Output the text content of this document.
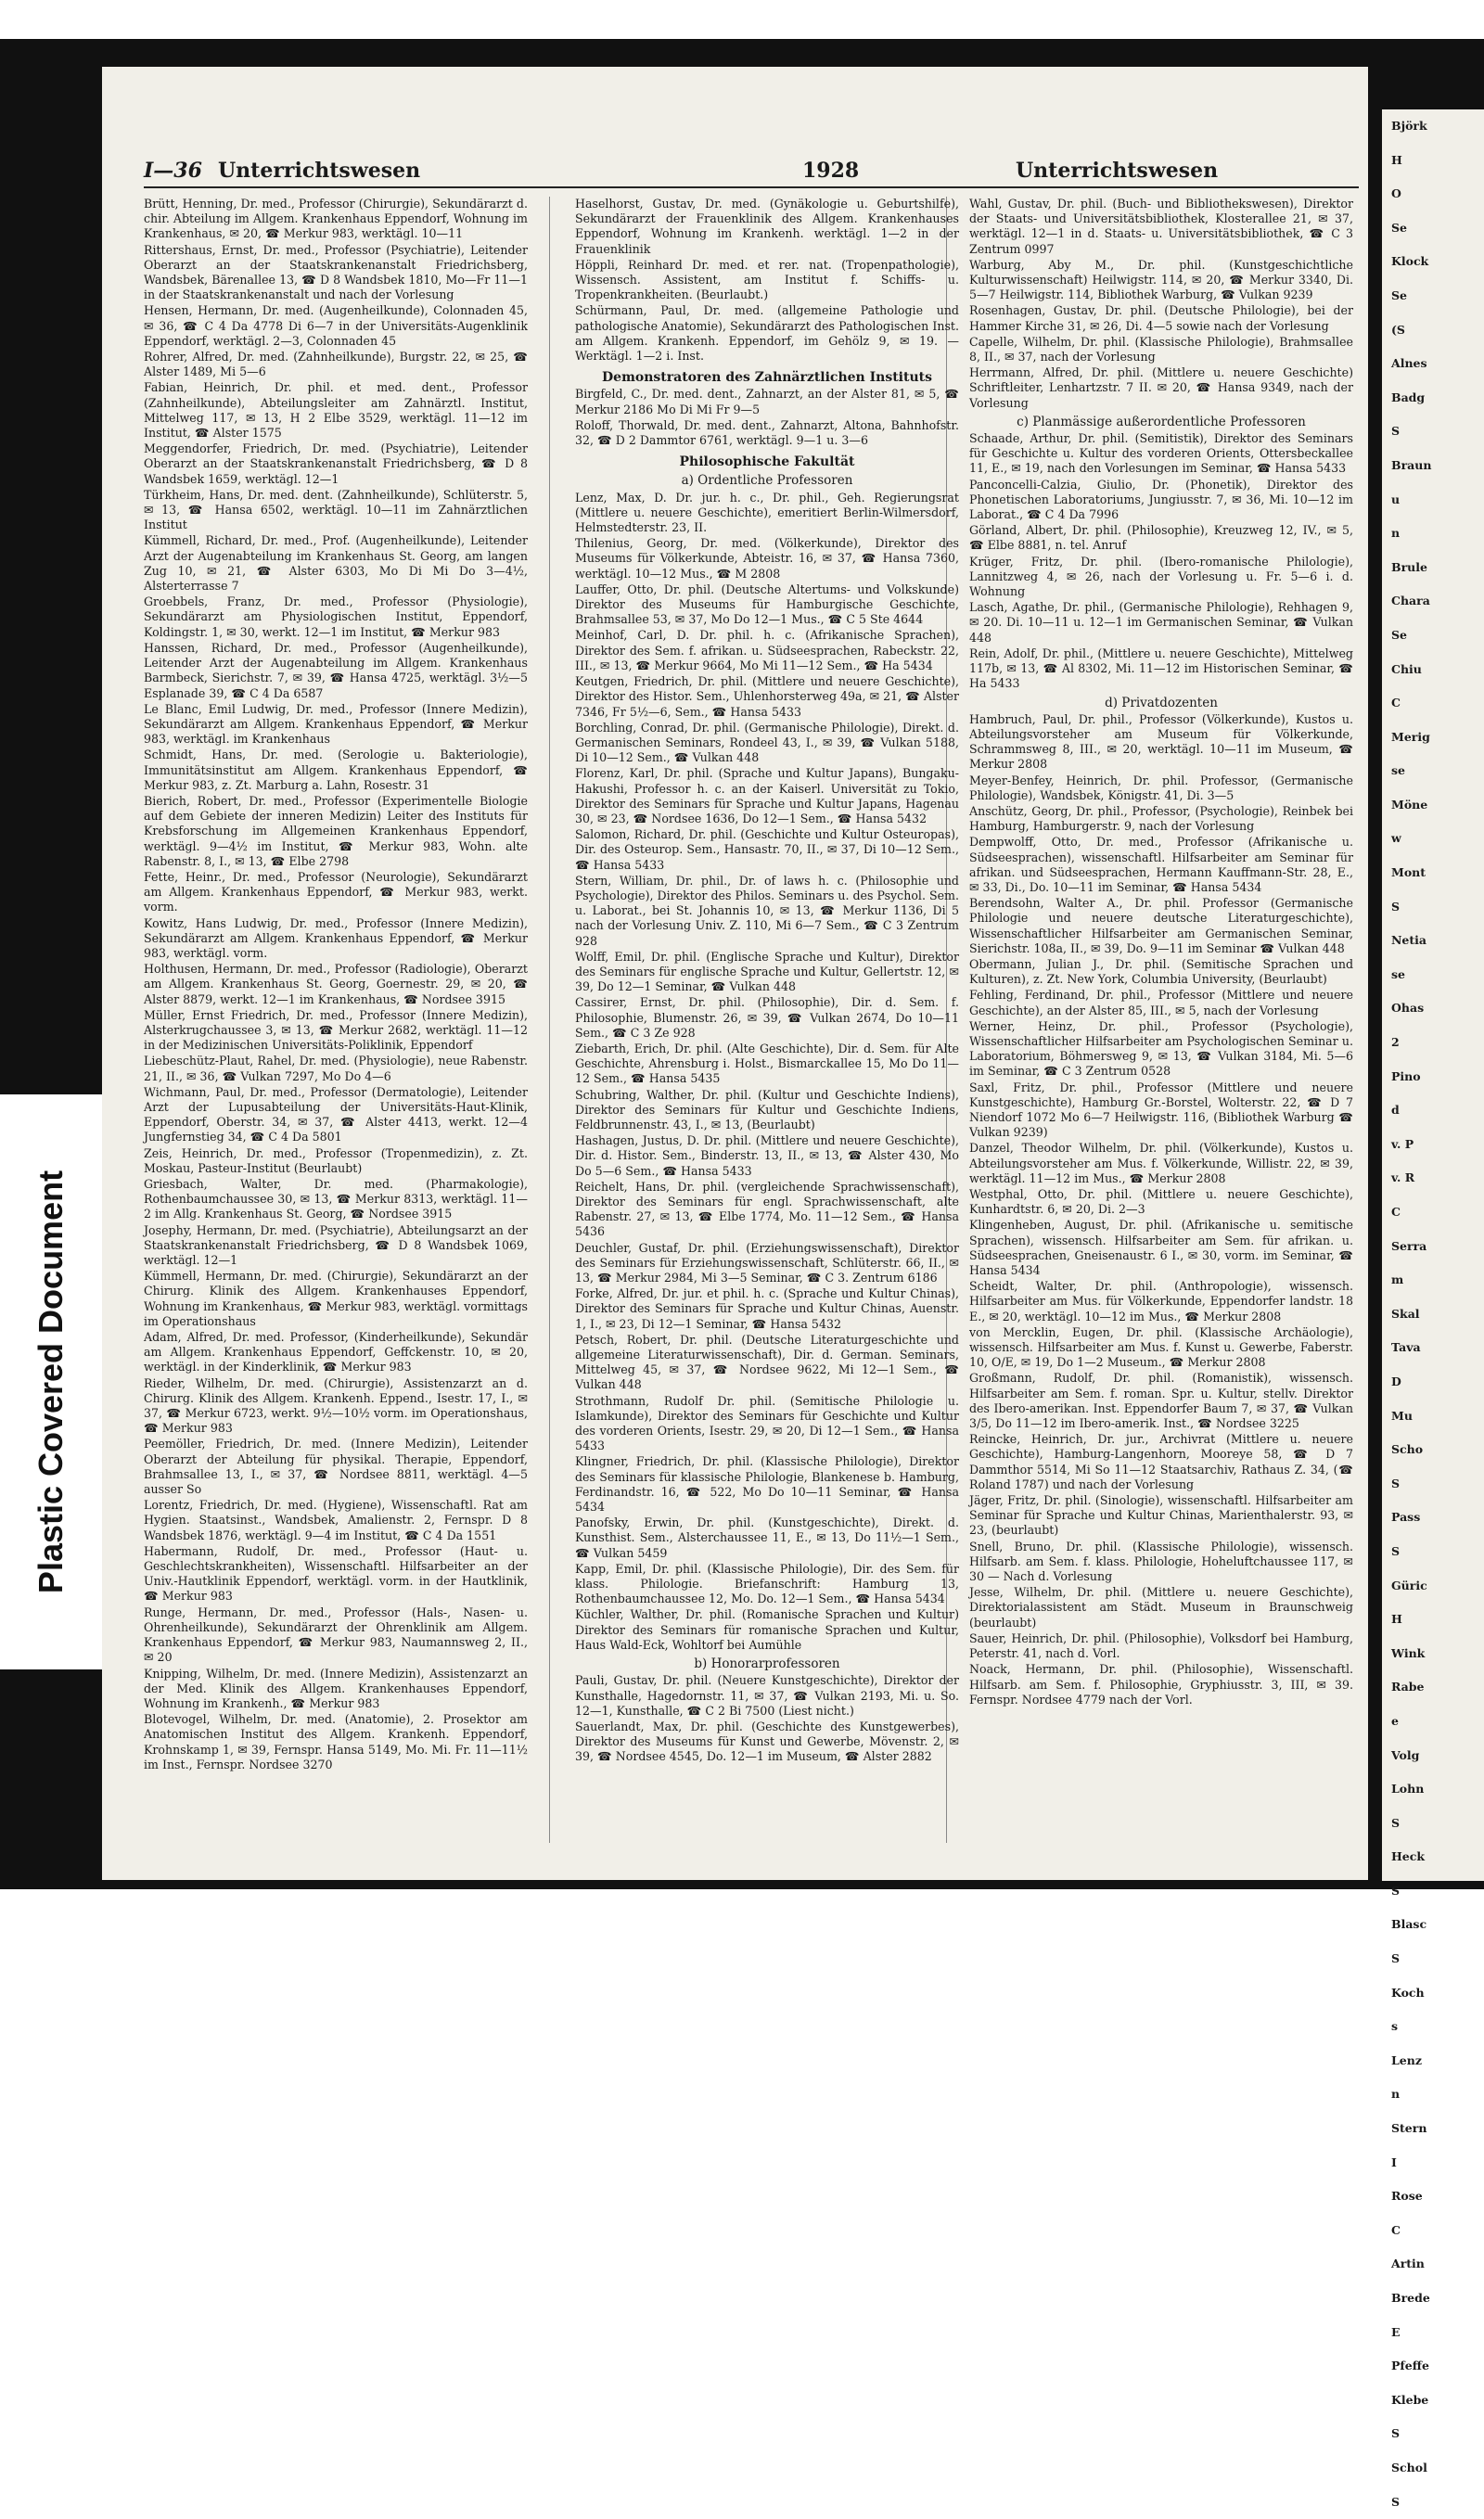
Plastic Covered Document
I—36 Unterrichtswesen	1928	Unterrichtswesen
Brütt, Henning, Dr. med., Professor (Chirurgie), Sekundärarzt d. chir. Abteilung im Allgem. Krankenhaus Eppendorf, Wohnung im Krankenhaus, ✉ 20, ☎ Merkur 983, werktägl. 10—11
Rittershaus, Ernst, Dr. med., Professor (Psychiatrie), Leitender Oberarzt an der Staatskrankenanstalt Friedrichsberg, Wandsbek, Bärenallee 13, ☎ D 8 Wandsbek 1810, Mo—Fr 11—1 in der Staatskrankenanstalt und nach der Vorlesung
Hensen, Hermann, Dr. med. (Augenheilkunde), Colonnaden 45, ✉ 36, ☎ C 4 Da 4778 Di 6—7 in der Universitäts-Augenklinik Eppendorf, werktägl. 2—3, Colonnaden 45
Rohrer, Alfred, Dr. med. (Zahnheilkunde), Burgstr. 22, ✉ 25, ☎ Alster 1489, Mi 5—6
Fabian, Heinrich, Dr. phil. et med. dent., Professor (Zahnheilkunde), Abteilungsleiter am Zahnärztl. Institut, Mittelweg 117, ✉ 13, H 2 Elbe 3529, werktägl. 11—12 im Institut, ☎ Alster 1575
Meggendorfer, Friedrich, Dr. med. (Psychiatrie), Leitender Oberarzt an der Staatskrankenanstalt Friedrichsberg, ☎ D 8 Wandsbek 1659, werktägl. 12—1
Türkheim, Hans, Dr. med. dent. (Zahnheilkunde), Schlüterstr. 5, ✉ 13, ☎ Hansa 6502, werktägl. 10—11 im Zahnärztlichen Institut
Kümmell, Richard, Dr. med., Prof. (Augenheilkunde), Leitender Arzt der Augenabteilung im Krankenhaus St. Georg, am langen Zug 10, ✉ 21, ☎ Alster 6303, Mo Di Mi Do 3—4½, Alsterterrasse 7
Groebbels, Franz, Dr. med., Professor (Physiologie), Sekundärarzt am Physiologischen Institut, Eppendorf, Koldingstr. 1, ✉ 30, werkt. 12—1 im Institut, ☎ Merkur 983
Hanssen, Richard, Dr. med., Professor (Augenheilkunde), Leitender Arzt der Augenabteilung im Allgem. Krankenhaus Barmbeck, Sierichstr. 7, ✉ 39, ☎ Hansa 4725, werktägl. 3½—5 Esplanade 39, ☎ C 4 Da 6587
Le Blanc, Emil Ludwig, Dr. med., Professor (Innere Medizin), Sekundärarzt am Allgem. Krankenhaus Eppendorf, ☎ Merkur 983, werktägl. im Krankenhaus
Schmidt, Hans, Dr. med. (Serologie u. Bakteriologie), Immunitätsinstitut am Allgem. Krankenhaus Eppendorf, ☎ Merkur 983, z. Zt. Marburg a. Lahn, Rosestr. 31
Bierich, Robert, Dr. med., Professor (Experimentelle Biologie auf dem Gebiete der inneren Medizin) Leiter des Instituts für Krebsforschung im Allgemeinen Krankenhaus Eppendorf, werktägl. 9—4½ im Institut, ☎ Merkur 983, Wohn. alte Rabenstr. 8, I., ✉ 13, ☎ Elbe 2798
Fette, Heinr., Dr. med., Professor (Neurologie), Sekundärarzt am Allgem. Krankenhaus Eppendorf, ☎ Merkur 983, werkt. vorm.
Kowitz, Hans Ludwig, Dr. med., Professor (Innere Medizin), Sekundärarzt am Allgem. Krankenhaus Eppendorf, ☎ Merkur 983, werktägl. vorm.
Holthusen, Hermann, Dr. med., Professor (Radiologie), Oberarzt am Allgem. Krankenhaus St. Georg, Goernestr. 29, ✉ 20, ☎ Alster 8879, werkt. 12—1 im Krankenhaus, ☎ Nordsee 3915
Müller, Ernst Friedrich, Dr. med., Professor (Innere Medizin), Alsterkrugchaussee 3, ✉ 13, ☎ Merkur 2682, werktägl. 11—12 in der Medizinischen Universitäts-Poliklinik, Eppendorf
Liebeschütz-Plaut, Rahel, Dr. med. (Physiologie), neue Rabenstr. 21, II., ✉ 36, ☎ Vulkan 7297, Mo Do 4—6
Wichmann, Paul, Dr. med., Professor (Dermatologie), Leitender Arzt der Lupusabteilung der Universitäts-Haut-Klinik, Eppendorf, Oberstr. 34, ✉ 37, ☎ Alster 4413, werkt. 12—4 Jungfernstieg 34, ☎ C 4 Da 5801
Zeis, Heinrich, Dr. med., Professor (Tropenmedizin), z. Zt. Moskau, Pasteur-Institut (Beurlaubt)
Griesbach, Walter, Dr. med. (Pharmakologie), Rothenbaumchaussee 30, ✉ 13, ☎ Merkur 8313, werktägl. 11—2 im Allg. Krankenhaus St. Georg, ☎ Nordsee 3915
Josephy, Hermann, Dr. med. (Psychiatrie), Abteilungsarzt an der Staatskrankenanstalt Friedrichsberg, ☎ D 8 Wandsbek 1069, werktägl. 12—1
Kümmell, Hermann, Dr. med. (Chirurgie), Sekundärarzt an der Chirurg. Klinik des Allgem. Krankenhauses Eppendorf, Wohnung im Krankenhaus, ☎ Merkur 983, werktägl. vormittags im Operationshaus
Adam, Alfred, Dr. med. Professor, (Kinderheilkunde), Sekundär am Allgem. Krankenhaus Eppendorf, Geffckenstr. 10, ✉ 20, werktägl. in der Kinderklinik, ☎ Merkur 983
Rieder, Wilhelm, Dr. med. (Chirurgie), Assistenzarzt an d. Chirurg. Klinik des Allgem. Krankenh. Eppend., Isestr. 17, I., ✉ 37, ☎ Merkur 6723, werkt. 9½—10½ vorm. im Operationshaus, ☎ Merkur 983
Peemöller, Friedrich, Dr. med. (Innere Medizin), Leitender Oberarzt der Abteilung für physikal. Therapie, Eppendorf, Brahmsallee 13, I., ✉ 37, ☎ Nordsee 8811, werktägl. 4—5 ausser So
Lorentz, Friedrich, Dr. med. (Hygiene), Wissenschaftl. Rat am Hygien. Staatsinst., Wandsbek, Amalienstr. 2, Fernspr. D 8 Wandsbek 1876, werktägl. 9—4 im Institut, ☎ C 4 Da 1551
Habermann, Rudolf, Dr. med., Professor (Haut- u. Geschlechtskrankheiten), Wissenschaftl. Hilfsarbeiter an der Univ.-Hautklinik Eppendorf, werktägl. vorm. in der Hautklinik, ☎ Merkur 983
Runge, Hermann, Dr. med., Professor (Hals-, Nasen- u. Ohrenheilkunde), Sekundärarzt der Ohrenklinik am Allgem. Krankenhaus Eppendorf, ☎ Merkur 983, Naumannsweg 2, II., ✉ 20
Knipping, Wilhelm, Dr. med. (Innere Medizin), Assistenzarzt an der Med. Klinik des Allgem. Krankenhauses Eppendorf, Wohnung im Krankenh., ☎ Merkur 983
Blotevogel, Wilhelm, Dr. med. (Anatomie), 2. Prosektor am Anatomischen Institut des Allgem. Krankenh. Eppendorf, Krohnskamp 1, ✉ 39, Fernspr. Hansa 5149, Mo. Mi. Fr. 11—11½ im Inst., Fernspr. Nordsee 3270
Haselhorst, Gustav, Dr. med. (Gynäkologie u. Geburtshilfe), Sekundärarzt der Frauenklinik des Allgem. Krankenhauses Eppendorf, Wohnung im Krankenh. werktägl. 1—2 in der Frauenklinik
Höppli, Reinhard Dr. med. et rer. nat. (Tropenpathologie), Wissensch. Assistent, am Institut f. Schiffs- u. Tropenkrankheiten. (Beurlaubt.)
Schürmann, Paul, Dr. med. (allgemeine Pathologie und pathologische Anatomie), Sekundärarzt des Pathologischen Inst. am Allgem. Krankenh. Eppendorf, im Gehölz 9, ✉ 19. — Werktägl. 1—2 i. Inst.
Demonstratoren des Zahnärztlichen Instituts
Birgfeld, C., Dr. med. dent., Zahnarzt, an der Alster 81, ✉ 5, ☎ Merkur 2186 Mo Di Mi Fr 9—5
Roloff, Thorwald, Dr. med. dent., Zahnarzt, Altona, Bahnhofstr. 32, ☎ D 2 Dammtor 6761, werktägl. 9—1 u. 3—6
Philosophische Fakultät
a) Ordentliche Professoren
Lenz, Max, D. Dr. jur. h. c., Dr. phil., Geh. Regierungsrat (Mittlere u. neuere Geschichte), emeritiert Berlin-Wilmersdorf, Helmstedterstr. 23, II.
Thilenius, Georg, Dr. med. (Völkerkunde), Direktor des Museums für Völkerkunde, Abteistr. 16, ✉ 37, ☎ Hansa 7360, werktägl. 10—12 Mus., ☎ M 2808
Lauffer, Otto, Dr. phil. (Deutsche Altertums- und Volkskunde) Direktor des Museums für Hamburgische Geschichte, Brahmsallee 53, ✉ 37, Mo Do 12—1 Mus., ☎ C 5 Ste 4644
Meinhof, Carl, D. Dr. phil. h. c. (Afrikanische Sprachen), Direktor des Sem. f. afrikan. u. Südseesprachen, Rabeckstr. 22, III., ✉ 13, ☎ Merkur 9664, Mo Mi 11—12 Sem., ☎ Ha 5434
Keutgen, Friedrich, Dr. phil. (Mittlere und neuere Geschichte), Direktor des Histor. Sem., Uhlenhorsterweg 49a, ✉ 21, ☎ Alster 7346, Fr 5½—6, Sem., ☎ Hansa 5433
Borchling, Conrad, Dr. phil. (Germanische Philologie), Direkt. d. Germanischen Seminars, Rondeel 43, I., ✉ 39, ☎ Vulkan 5188, Di 10—12 Sem., ☎ Vulkan 448
Florenz, Karl, Dr. phil. (Sprache und Kultur Japans), Bungaku-Hakushi, Professor h. c. an der Kaiserl. Universität zu Tokio, Direktor des Seminars für Sprache und Kultur Japans, Hagenau 30, ✉ 23, ☎ Nordsee 1636, Do 12—1 Sem., ☎ Hansa 5432
Salomon, Richard, Dr. phil. (Geschichte und Kultur Osteuropas), Dir. des Osteurop. Sem., Hansastr. 70, II., ✉ 37, Di 10—12 Sem., ☎ Hansa 5433
Stern, William, Dr. phil., Dr. of laws h. c. (Philosophie und Psychologie), Direktor des Philos. Seminars u. des Psychol. Sem. u. Laborat., bei St. Johannis 10, ✉ 13, ☎ Merkur 1136, Di 5 nach der Vorlesung Univ. Z. 110, Mi 6—7 Sem., ☎ C 3 Zentrum 928
Wolff, Emil, Dr. phil. (Englische Sprache und Kultur), Direktor des Seminars für englische Sprache und Kultur, Gellertstr. 12, ✉ 39, Do 12—1 Seminar, ☎ Vulkan 448
Cassirer, Ernst, Dr. phil. (Philosophie), Dir. d. Sem. f. Philosophie, Blumenstr. 26, ✉ 39, ☎ Vulkan 2674, Do 10—11 Sem., ☎ C 3 Ze 928
Ziebarth, Erich, Dr. phil. (Alte Geschichte), Dir. d. Sem. für Alte Geschichte, Ahrensburg i. Holst., Bismarckallee 15, Mo Do 11—12 Sem., ☎ Hansa 5435
Schubring, Walther, Dr. phil. (Kultur und Geschichte Indiens), Direktor des Seminars für Kultur und Geschichte Indiens, Feldbrunnenstr. 43, I., ✉ 13, (Beurlaubt)
Hashagen, Justus, D. Dr. phil. (Mittlere und neuere Geschichte), Dir. d. Histor. Sem., Binderstr. 13, II., ✉ 13, ☎ Alster 430, Mo Do 5—6 Sem., ☎ Hansa 5433
Reichelt, Hans, Dr. phil. (vergleichende Sprachwissenschaft), Direktor des Seminars für engl. Sprachwissenschaft, alte Rabenstr. 27, ✉ 13, ☎ Elbe 1774, Mo. 11—12 Sem., ☎ Hansa 5436
Deuchler, Gustaf, Dr. phil. (Erziehungswissenschaft), Direktor des Seminars für Erziehungswissenschaft, Schlüterstr. 66, II., ✉ 13, ☎ Merkur 2984, Mi 3—5 Seminar, ☎ C 3. Zentrum 6186
Forke, Alfred, Dr. jur. et phil. h. c. (Sprache und Kultur Chinas), Direktor des Seminars für Sprache und Kultur Chinas, Auenstr. 1, I., ✉ 23, Di 12—1 Seminar, ☎ Hansa 5432
Petsch, Robert, Dr. phil. (Deutsche Literaturgeschichte und allgemeine Literaturwissenschaft), Dir. d. German. Seminars, Mittelweg 45, ✉ 37, ☎ Nordsee 9622, Mi 12—1 Sem., ☎ Vulkan 448
Strothmann, Rudolf Dr. phil. (Semitische Philologie u. Islamkunde), Direktor des Seminars für Geschichte und Kultur des vorderen Orients, Isestr. 29, ✉ 20, Di 12—1 Sem., ☎ Hansa 5433
Klingner, Friedrich, Dr. phil. (Klassische Philologie), Direktor des Seminars für klassische Philologie, Blankenese b. Hamburg, Ferdinandstr. 16, ☎ 522, Mo Do 10—11 Seminar, ☎ Hansa 5434
Panofsky, Erwin, Dr. phil. (Kunstgeschichte), Direkt. d. Kunsthist. Sem., Alsterchaussee 11, E., ✉ 13, Do 11½—1 Sem., ☎ Vulkan 5459
Kapp, Emil, Dr. phil. (Klassische Philologie), Dir. des Sem. für klass. Philologie. Briefanschrift: Hamburg 13, Rothenbaumchaussee 12, Mo. Do. 12—1 Sem., ☎ Hansa 5434
Küchler, Walther, Dr. phil. (Romanische Sprachen und Kultur) Direktor des Seminars für romanische Sprachen und Kultur, Haus Wald-Eck, Wohltorf bei Aumühle
b) Honorarprofessoren
Pauli, Gustav, Dr. phil. (Neuere Kunstgeschichte), Direktor der Kunsthalle, Hagedornstr. 11, ✉ 37, ☎ Vulkan 2193, Mi. u. So. 12—1, Kunsthalle, ☎ C 2 Bi 7500 (Liest nicht.)
Sauerlandt, Max, Dr. phil. (Geschichte des Kunstgewerbes), Direktor des Museums für Kunst und Gewerbe, Mövenstr. 2, ✉ 39, ☎ Nordsee 4545, Do. 12—1 im Museum, ☎ Alster 2882
Wahl, Gustav, Dr. phil. (Buch- und Bibliothekswesen), Direktor der Staats- und Universitätsbibliothek, Klosterallee 21, ✉ 37, werktägl. 12—1 in d. Staats- u. Universitätsbibliothek, ☎ C 3 Zentrum 0997
Warburg, Aby M., Dr. phil. (Kunstgeschichtliche Kulturwissenschaft) Heilwigstr. 114, ✉ 20, ☎ Merkur 3340, Di. 5—7 Heilwigstr. 114, Bibliothek Warburg, ☎ Vulkan 9239
Rosenhagen, Gustav, Dr. phil. (Deutsche Philologie), bei der Hammer Kirche 31, ✉ 26, Di. 4—5 sowie nach der Vorlesung
Capelle, Wilhelm, Dr. phil. (Klassische Philologie), Brahmsallee 8, II., ✉ 37, nach der Vorlesung
Herrmann, Alfred, Dr. phil. (Mittlere u. neuere Geschichte) Schriftleiter, Lenhartzstr. 7 II. ✉ 20, ☎ Hansa 9349, nach der Vorlesung
c) Planmässige außerordentliche Professoren
Schaade, Arthur, Dr. phil. (Semitistik), Direktor des Seminars für Geschichte u. Kultur des vorderen Orients, Ottersbeckallee 11, E., ✉ 19, nach den Vorlesungen im Seminar, ☎ Hansa 5433
Panconcelli-Calzia, Giulio, Dr. (Phonetik), Direktor des Phonetischen Laboratoriums, Jungiusstr. 7, ✉ 36, Mi. 10—12 im Laborat., ☎ C 4 Da 7996
Görland, Albert, Dr. phil. (Philosophie), Kreuzweg 12, IV., ✉ 5, ☎ Elbe 8881, n. tel. Anruf
Krüger, Fritz, Dr. phil. (Ibero-romanische Philologie), Lannitzweg 4, ✉ 26, nach der Vorlesung u. Fr. 5—6 i. d. Wohnung
Lasch, Agathe, Dr. phil., (Germanische Philologie), Rehhagen 9, ✉ 20. Di. 10—11 u. 12—1 im Germanischen Seminar, ☎ Vulkan 448
Rein, Adolf, Dr. phil., (Mittlere u. neuere Geschichte), Mittelweg 117b, ✉ 13, ☎ Al 8302, Mi. 11—12 im Historischen Seminar, ☎ Ha 5433
d) Privatdozenten
Hambruch, Paul, Dr. phil., Professor (Völkerkunde), Kustos u. Abteilungsvorsteher am Museum für Völkerkunde, Schrammsweg 8, III., ✉ 20, werktägl. 10—11 im Museum, ☎ Merkur 2808
Meyer-Benfey, Heinrich, Dr. phil. Professor, (Germanische Philologie), Wandsbek, Königstr. 41, Di. 3—5
Anschütz, Georg, Dr. phil., Professor, (Psychologie), Reinbek bei Hamburg, Hamburgerstr. 9, nach der Vorlesung
Dempwolff, Otto, Dr. med., Professor (Afrikanische u. Südseesprachen), wissenschaftl. Hilfsarbeiter am Seminar für afrikan. und Südseesprachen, Hermann Kauffmann-Str. 28, E., ✉ 33, Di., Do. 10—11 im Seminar, ☎ Hansa 5434
Berendsohn, Walter A., Dr. phil. Professor (Germanische Philologie und neuere deutsche Literaturgeschichte), Wissenschaftlicher Hilfsarbeiter am Germanischen Seminar, Sierichstr. 108a, II., ✉ 39, Do. 9—11 im Seminar ☎ Vulkan 448
Obermann, Julian J., Dr. phil. (Semitische Sprachen und Kulturen), z. Zt. New York, Columbia University, (Beurlaubt)
Fehling, Ferdinand, Dr. phil., Professor (Mittlere und neuere Geschichte), an der Alster 85, III., ✉ 5, nach der Vorlesung
Werner, Heinz, Dr. phil., Professor (Psychologie), Wissenschaftlicher Hilfsarbeiter am Psychologischen Seminar u. Laboratorium, Böhmersweg 9, ✉ 13, ☎ Vulkan 3184, Mi. 5—6 im Seminar, ☎ C 3 Zentrum 0528
Saxl, Fritz, Dr. phil., Professor (Mittlere und neuere Kunstgeschichte), Hamburg Gr.-Borstel, Wolterstr. 22, ☎ D 7 Niendorf 1072 Mo 6—7 Heilwigstr. 116, (Bibliothek Warburg ☎ Vulkan 9239)
Danzel, Theodor Wilhelm, Dr. phil. (Völkerkunde), Kustos u. Abteilungsvorsteher am Mus. f. Völkerkunde, Willistr. 22, ✉ 39, werktägl. 11—12 im Mus., ☎ Merkur 2808
Westphal, Otto, Dr. phil. (Mittlere u. neuere Geschichte), Kunhardtstr. 6, ✉ 20, Di. 2—3
Klingenheben, August, Dr. phil. (Afrikanische u. semitische Sprachen), wissensch. Hilfsarbeiter am Sem. für afrikan. u. Südseesprachen, Gneisenaustr. 6 I., ✉ 30, vorm. im Seminar, ☎ Hansa 5434
Scheidt, Walter, Dr. phil. (Anthropologie), wissensch. Hilfsarbeiter am Mus. für Völkerkunde, Eppendorfer landstr. 18 E., ✉ 20, werktägl. 10—12 im Mus., ☎ Merkur 2808
von Mercklin, Eugen, Dr. phil. (Klassische Archäologie), wissensch. Hilfsarbeiter am Mus. f. Kunst u. Gewerbe, Faberstr. 10, O/E, ✉ 19, Do 1—2 Museum., ☎ Merkur 2808
Großmann, Rudolf, Dr. phil. (Romanistik), wissensch. Hilfsarbeiter am Sem. f. roman. Spr. u. Kultur, stellv. Direktor des Ibero-amerikan. Inst. Eppendorfer Baum 7, ✉ 37, ☎ Vulkan 3/5, Do 11—12 im Ibero-amerik. Inst., ☎ Nordsee 3225
Reincke, Heinrich, Dr. jur., Archivrat (Mittlere u. neuere Geschichte), Hamburg-Langenhorn, Mooreye 58, ☎ D 7 Dammthor 5514, Mi So 11—12 Staatsarchiv, Rathaus Z. 34, (☎ Roland 1787) und nach der Vorlesung
Jäger, Fritz, Dr. phil. (Sinologie), wissenschaftl. Hilfsarbeiter am Seminar für Sprache und Kultur Chinas, Marienthalerstr. 93, ✉ 23, (beurlaubt)
Snell, Bruno, Dr. phil. (Klassische Philologie), wissensch. Hilfsarb. am Sem. f. klass. Philologie, Hoheluftchaussee 117, ✉ 30 — Nach d. Vorlesung
Jesse, Wilhelm, Dr. phil. (Mittlere u. neuere Geschichte), Direktorialassistent am Städt. Museum in Braunschweig (beurlaubt)
Sauer, Heinrich, Dr. phil. (Philosophie), Volksdorf bei Hamburg, Peterstr. 41, nach d. Vorl.
Noack, Hermann, Dr. phil. (Philosophie), Wissenschaftl. Hilfsarb. am Sem. f. Philosophie, Gryphiusstr. 3, III, ✉ 39. Fernspr. Nordsee 4779 nach der Vorl.
Björk
H
O
Se
Klock
Se
(S
Alnes
Badg
S
Braun
u
n
Brule
Chara
Se
Chiu
C
Merig
se
Möne
w
Mont
S
Netia
se
Ohas
2
Pino
d
v. P
v. R
C
Serra
m
Skal
Tava
D
Mu
Scho
S
Pass
S
Güric
H
Wink
Rabe
e
Volg
Lohn
S
Heck
S
Blasc
S
Koch
s
Lenz
n
Stern
I
Rose
C
Artin
Brede
E
Pfeffe
Klebe
S
Schol
S
